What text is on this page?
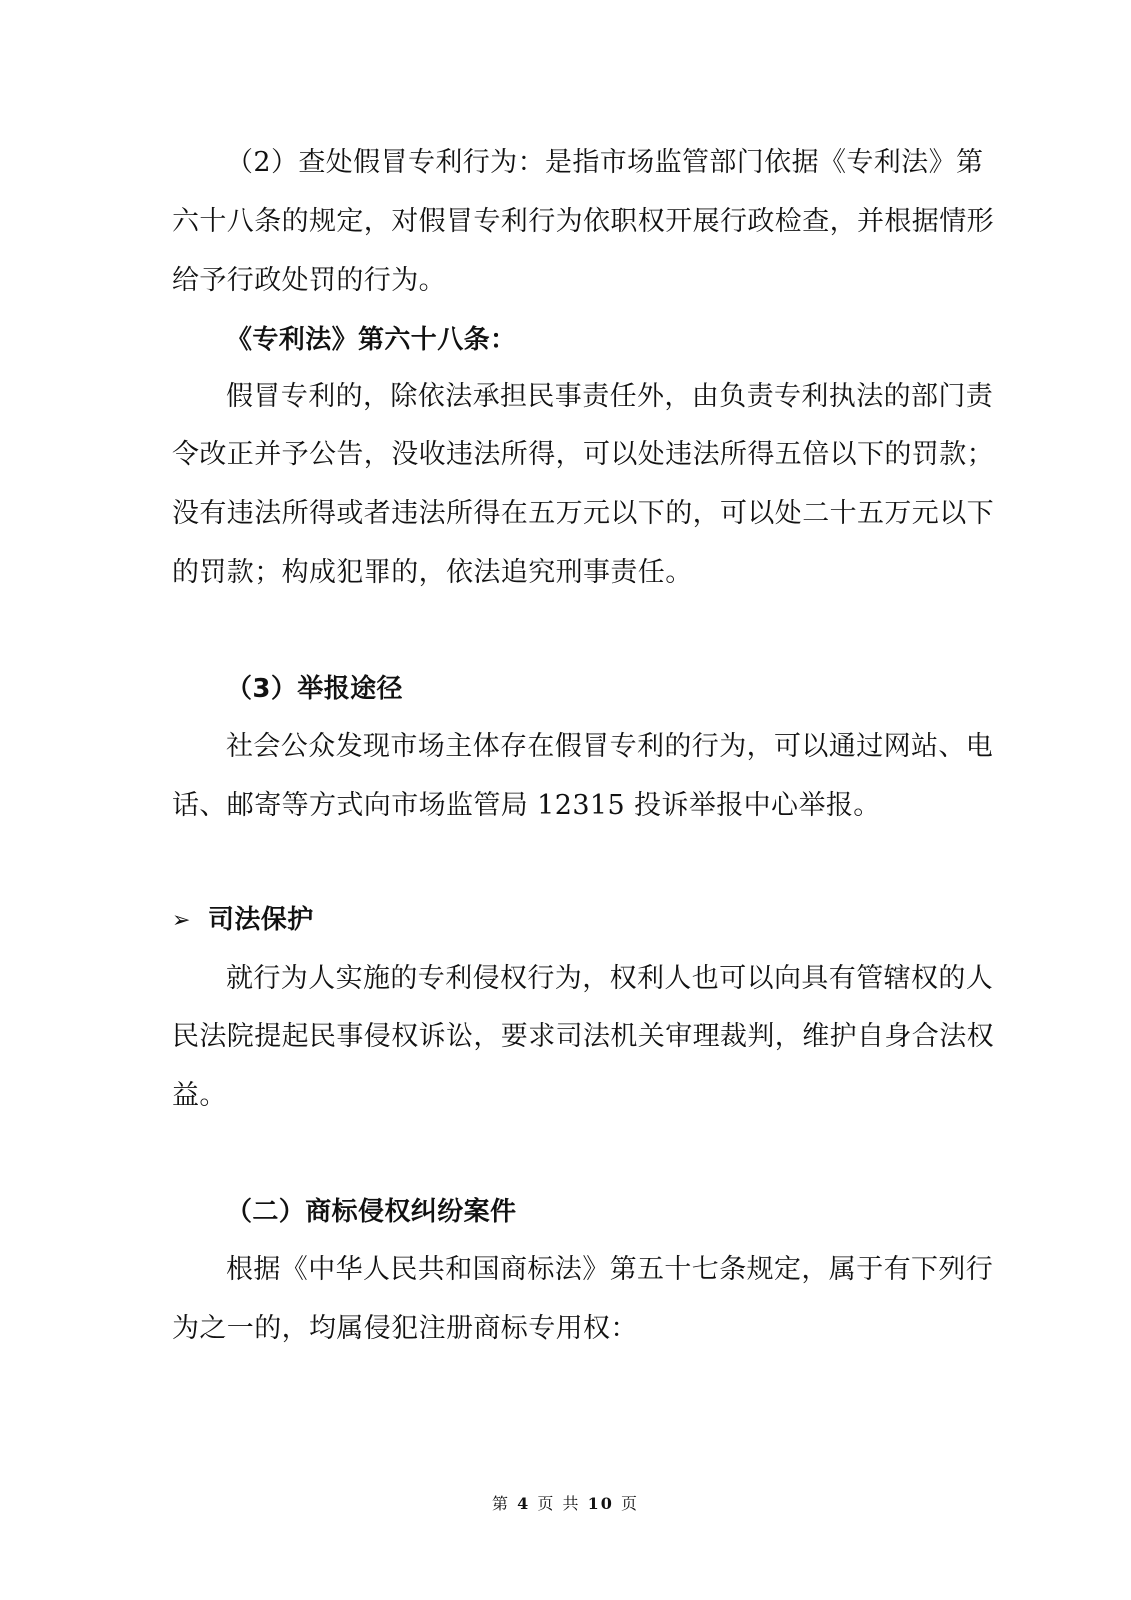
（2）查处假冒专利行为：是指市场监管部门依据《专利法》第
六十八条的规定，对假冒专利行为依职权开展行政检查，并根据情形
给予行政处罚的行为。
《专利法》第六十八条：
假冒专利的，除依法承担民事责任外，由负责专利执法的部门责
令改正并予公告，没收违法所得，可以处违法所得五倍以下的罚款；
没有违法所得或者违法所得在五万元以下的，可以处二十五万元以下
的罚款；构成犯罪的，依法追究刑事责任。
（3）举报途径
社会公众发现市场主体存在假冒专利的行为，可以通过网站、电
话、邮寄等方式向市场监管局 12315 投诉举报中心举报。
➢ 司法保护
就行为人实施的专利侵权行为，权利人也可以向具有管辖权的人
民法院提起民事侵权诉讼，要求司法机关审理裁判，维护自身合法权
益。
（二）商标侵权纠纷案件
根据《中华人民共和国商标法》第五十七条规定，属于有下列行
为之一的，均属侵犯注册商标专用权：
第 4 页 共 10 页
